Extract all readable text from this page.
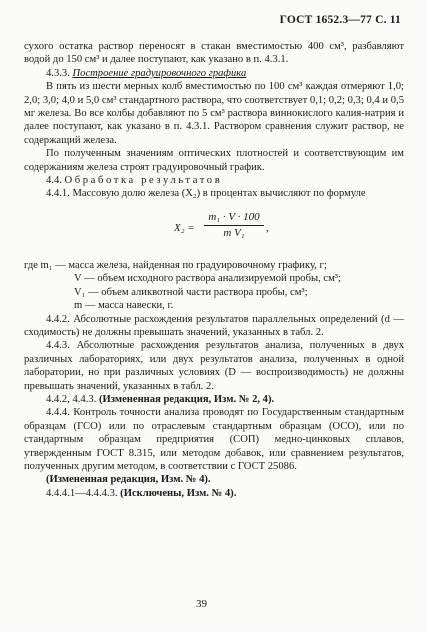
ГОСТ 1652.3—77 С. 11

сухого остатка раствор переносят в стакан вместимостью 400 см³, разбавляют водой до 150 см³ и далее поступают, как указано в п. 4.3.1.

4.3.3. Построение градуировочного графика

В пять из шести мерных колб вместимостью по 100 см³ каждая отмеряют 1,0; 2,0; 3,0; 4,0 и 5,0 см³ стандартного раствора, что соответствует 0,1; 0,2; 0,3; 0,4 и 0,5 мг железа. Во все колбы добавляют по 5 см³ раствора виннокислого калия-натрия и далее поступают, как указано в п. 4.3.1. Раствором сравнения служит раствор, не содержащий железа.

По полученным значениям оптических плотностей и соответствующим им содержаниям железа строят градуировочный график.

4.4. Обработка результатов

4.4.1. Массовую долю железа (X₂) в процентах вычисляют по формуле

$X_2 = \frac{\text{m₁ · V · 100}}{\text{m V₁}}$ ,

где m₁ — масса железа, найденная по градуировочному графику, г;

V — объем исходного раствора анализируемой пробы, см³;

V₁ — объем аликвотной части раствора пробы, см³;

m — масса навески, г.

4.4.2. Абсолютные расхождения результатов параллельных определений (d — сходимость) не должны превышать значений, указанных в табл. 2.

4.4.3. Абсолютные расхождения результатов анализа, полученных в двух различных лабораториях, или двух результатов анализа, полученных в одной лаборатории, но при различных условиях (D — воспроизводимость) не должны превышать значений, указанных в табл. 2.

4.4.2, 4.4.3. (Измененная редакция, Изм. № 2, 4).

4.4.4. Контроль точности анализа проводят по Государственным стандартным образцам (ГСО) или по отраслевым стандартным образцам (ОСО), или по стандартным образцам предприятия (СОП) медно-цинковых сплавов, утвержденным ГОСТ 8.315, или методом добавок, или сравнением результатов, полученных другим методом, в соответствии с ГОСТ 25086.

(Измененная редакция, Изм. № 4).

4.4.4.1—4.4.4.3. (Исключены, Изм. № 4).

39
